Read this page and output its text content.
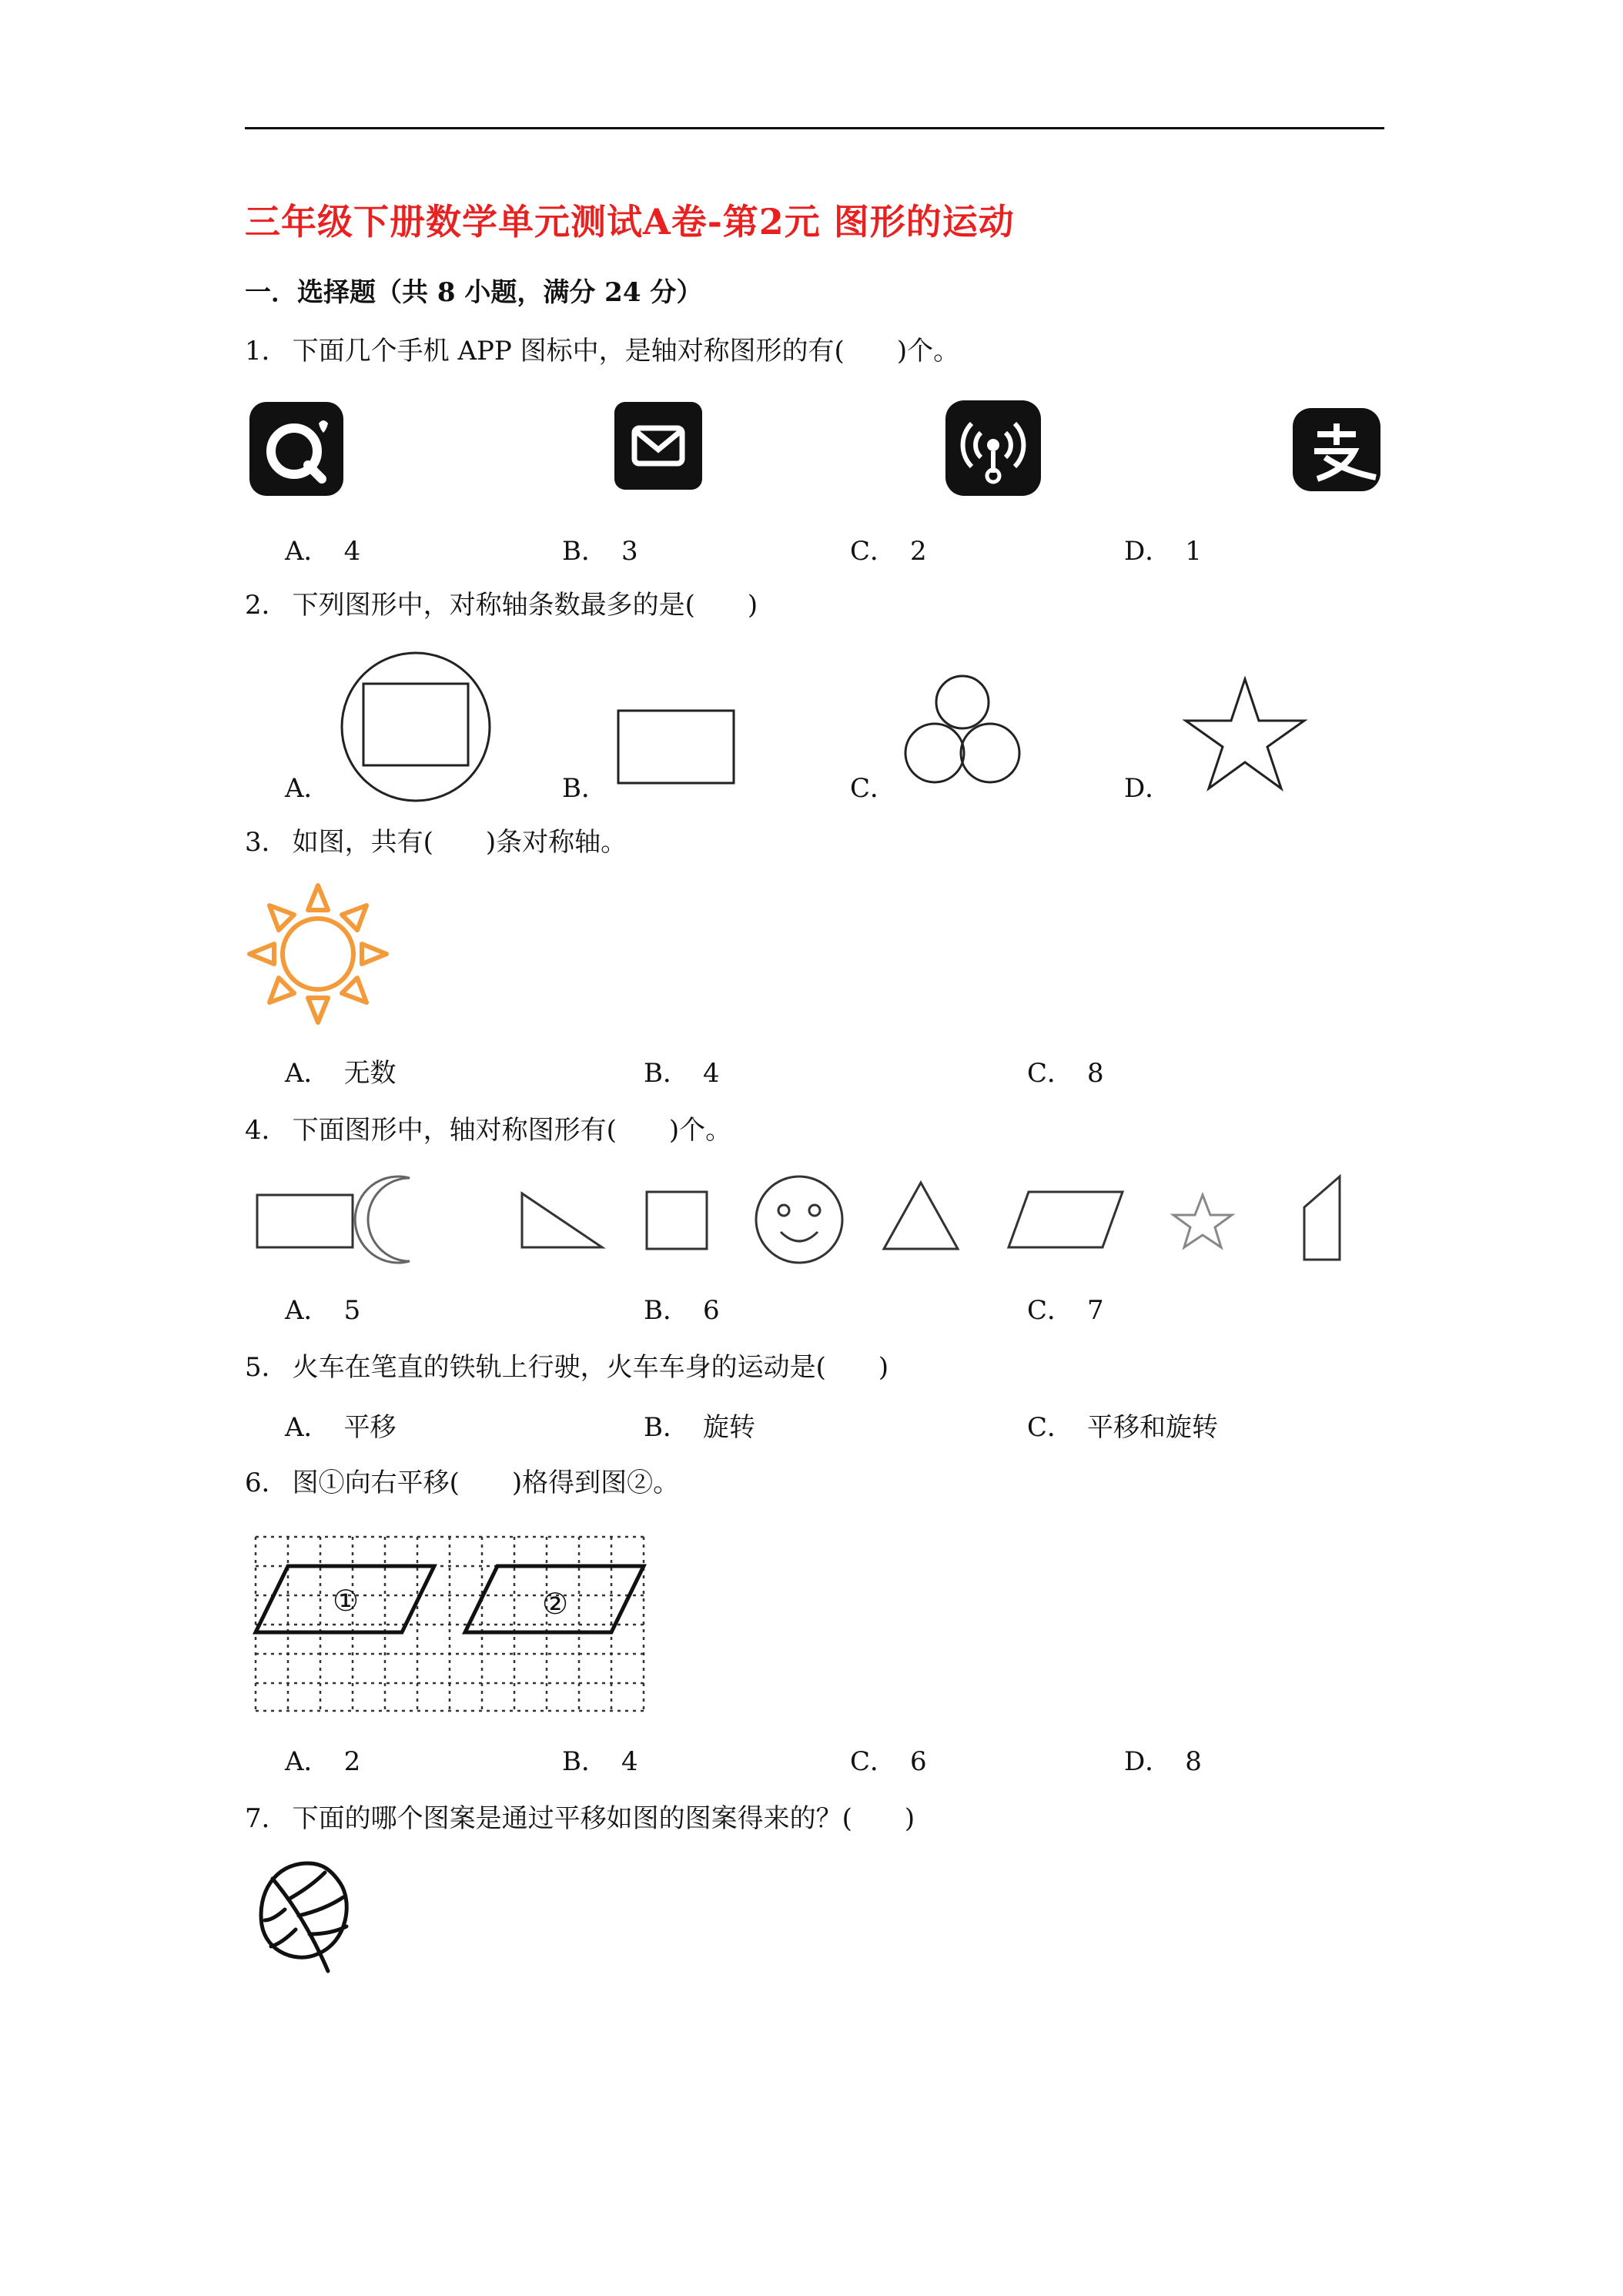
三年级下册数学单元测试A卷-第2元 图形的运动
一．选择题（共 8 小题，满分 24 分）
1． 下面几个手机 APP 图标中，是轴对称图形的有(　　)个。
A． 4	B． 3	C． 2	D． 1
2． 下列图形中，对称轴条数最多的是(　　)
A．	B．	C．	D．
3． 如图，共有(　　)条对称轴。
A． 无数	B． 4	C． 8
4． 下面图形中，轴对称图形有(　　)个。
A． 5	B． 6	C． 7
5． 火车在笔直的铁轨上行驶，火车车身的运动是(　　)
A． 平移	B． 旋转	C． 平移和旋转
6． 图①向右平移(　　)格得到图②。
①	②
A． 2	B． 4	C． 6	D． 8
7． 下面的哪个图案是通过平移如图的图案得来的？(　　)
